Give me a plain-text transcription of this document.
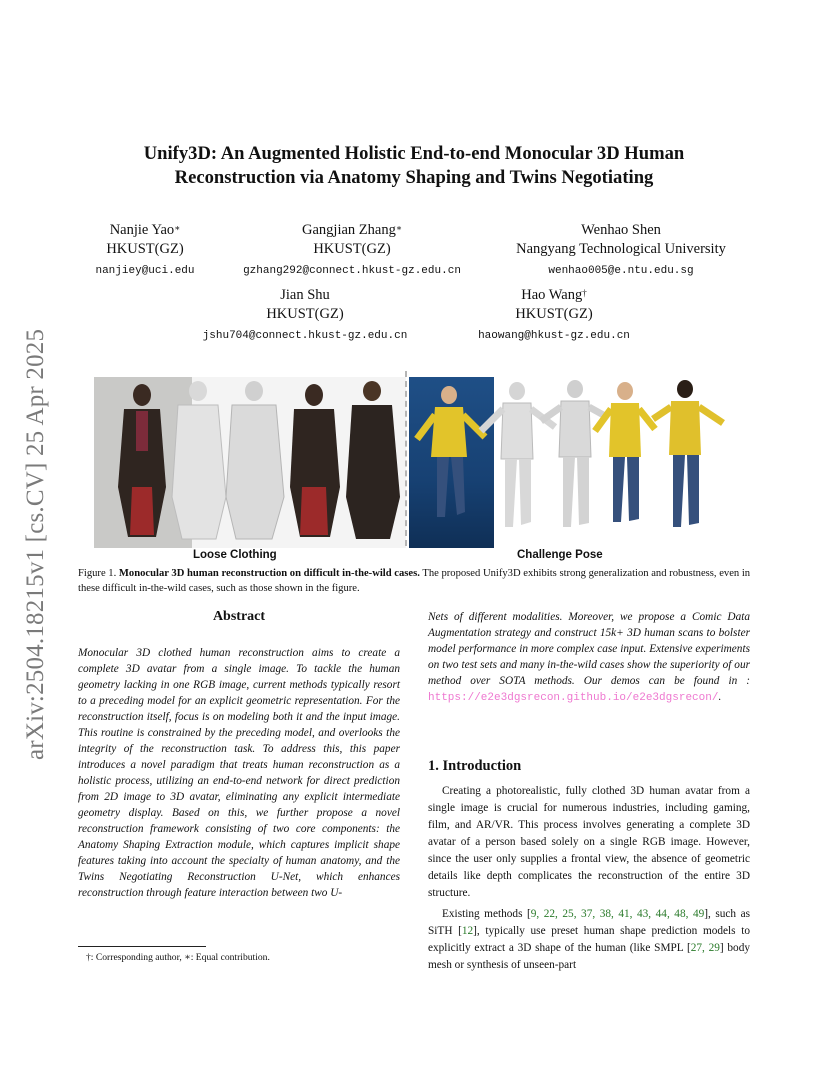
arXiv:2504.18215v1 [cs.CV] 25 Apr 2025
Unify3D: An Augmented Holistic End-to-end Monocular 3D Human
Reconstruction via Anatomy Shaping and Twins Negotiating
Nanjie Yao∗
HKUST(GZ)
nanjiey@uci.edu
Gangjian Zhang∗
HKUST(GZ)
gzhang292@connect.hkust-gz.edu.cn
Wenhao Shen
Nangyang Technological University
wenhao005@e.ntu.edu.sg
Jian Shu
HKUST(GZ)
jshu704@connect.hkust-gz.edu.cn
Hao Wang†
HKUST(GZ)
haowang@hkust-gz.edu.cn
Loose Clothing	Challenge Pose
Figure 1. Monocular 3D human reconstruction on difficult in-the-wild cases. The proposed Unify3D exhibits strong generalization and robustness, even in these difficult in-the-wild cases, such as those shown in the figure.
Abstract
Monocular 3D clothed human reconstruction aims to create a complete 3D avatar from a single image. To tackle the human geometry lacking in one RGB image, current methods typically resort to a preceding model for an explicit geometric representation. For the reconstruction itself, focus is on modeling both it and the input image. This routine is constrained by the preceding model, and overlooks the integrity of the reconstruction task. To address this, this paper introduces a novel paradigm that treats human reconstruction as a holistic process, utilizing an end-to-end network for direct prediction from 2D image to 3D avatar, eliminating any explicit intermediate geometry display. Based on this, we further propose a novel reconstruction framework consisting of two core components: the Anatomy Shaping Extraction module, which captures implicit shape features taking into account the specialty of human anatomy, and the Twins Negotiating Reconstruction U-Net, which enhances reconstruction through feature interaction between two U-
Nets of different modalities. Moreover, we propose a Comic Data Augmentation strategy and construct 15k+ 3D human scans to bolster model performance in more complex case input. Extensive experiments on two test sets and many in-the-wild cases show the superiority of our method over SOTA methods. Our demos can be found in : https://e2e3dgsrecon.github.io/e2e3dgsrecon/.
†: Corresponding author, ∗: Equal contribution.
1. Introduction

Creating a photorealistic, fully clothed 3D human avatar from a single image is crucial for numerous industries, including gaming, film, and AR/VR. This process involves generating a complete 3D avatar of a person based solely on a single RGB image. However, since the user only supplies a frontal view, the absence of geometric details like depth complicates the reconstruction of the entire 3D structure.

Existing methods [9, 22, 25, 37, 38, 41, 43, 44, 48, 49], such as SiTH [12], typically use preset human shape prediction models to explicitly extract a 3D shape of the human (like SMPL [27, 29] body mesh or synthesis of unseen-part
